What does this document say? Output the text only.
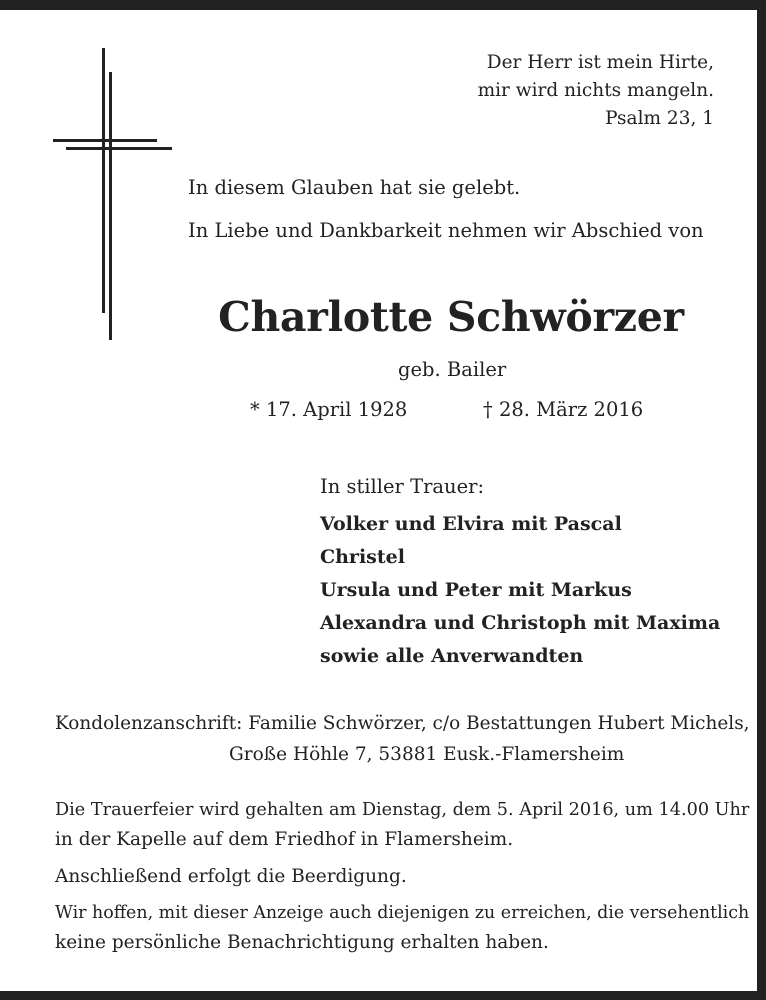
Der Herr ist mein Hirte,
mir wird nichts mangeln.
Psalm 23, 1
In diesem Glauben hat sie gelebt.
In Liebe und Dankbarkeit nehmen wir Abschied von
Charlotte Schwörzer
geb. Bailer
* 17. April 1928	† 28. März 2016
In stiller Trauer:
Volker und Elvira mit Pascal
Christel
Ursula und Peter mit Markus
Alexandra und Christoph mit Maxima
sowie alle Anverwandten
Kondolenzanschrift: Familie Schwörzer, c/o Bestattungen Hubert Michels,
Große Höhle 7, 53881 Eusk.-Flamersheim
Die Trauerfeier wird gehalten am Dienstag, dem 5. April 2016, um 14.00 Uhr
in der Kapelle auf dem Friedhof in Flamersheim.
Anschließend erfolgt die Beerdigung.
Wir hoffen, mit dieser Anzeige auch diejenigen zu erreichen, die versehentlich
keine persönliche Benachrichtigung erhalten haben.
